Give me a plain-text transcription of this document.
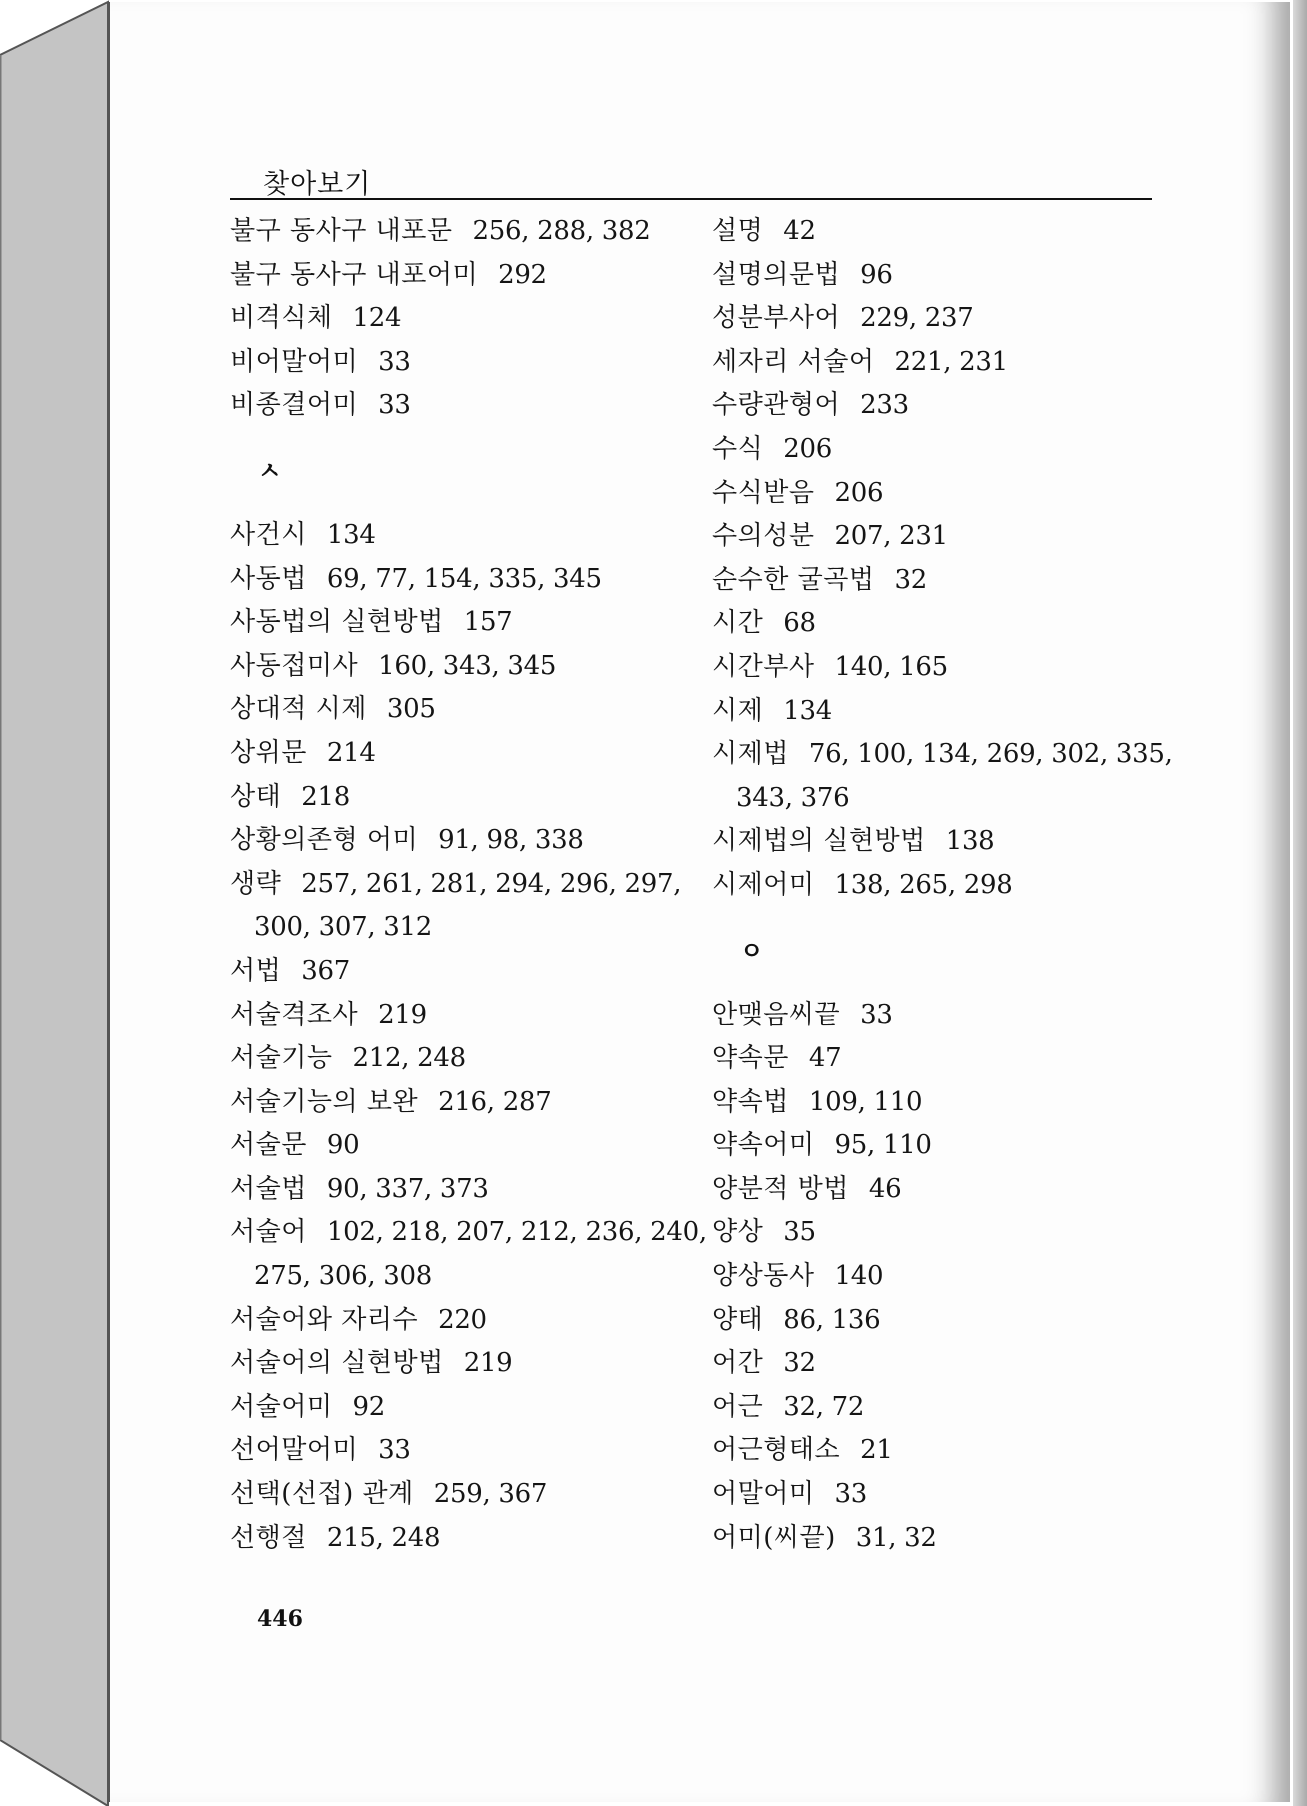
찾아보기
불구 동사구 내포문 256, 288, 382
불구 동사구 내포어미 292
비격식체 124
비어말어미 33
비종결어미 33
ㅅ
사건시 134
사동법 69, 77, 154, 335, 345
사동법의 실현방법 157
사동접미사 160, 343, 345
상대적 시제 305
상위문 214
상태 218
상황의존형 어미 91, 98, 338
생략 257, 261, 281, 294, 296, 297,
300, 307, 312
서법 367
서술격조사 219
서술기능 212, 248
서술기능의 보완 216, 287
서술문 90
서술법 90, 337, 373
서술어 102, 218, 207, 212, 236, 240,
275, 306, 308
서술어와 자리수 220
서술어의 실현방법 219
서술어미 92
선어말어미 33
선택(선접) 관계 259, 367
선행절 215, 248
설명 42
설명의문법 96
성분부사어 229, 237
세자리 서술어 221, 231
수량관형어 233
수식 206
수식받음 206
수의성분 207, 231
순수한 굴곡법 32
시간 68
시간부사 140, 165
시제 134
시제법 76, 100, 134, 269, 302, 335,
343, 376
시제법의 실현방법 138
시제어미 138, 265, 298
ㅇ
안맺음씨끝 33
약속문 47
약속법 109, 110
약속어미 95, 110
양분적 방법 46
양상 35
양상동사 140
양태 86, 136
어간 32
어근 32, 72
어근형태소 21
어말어미 33
어미(씨끝) 31, 32
446
